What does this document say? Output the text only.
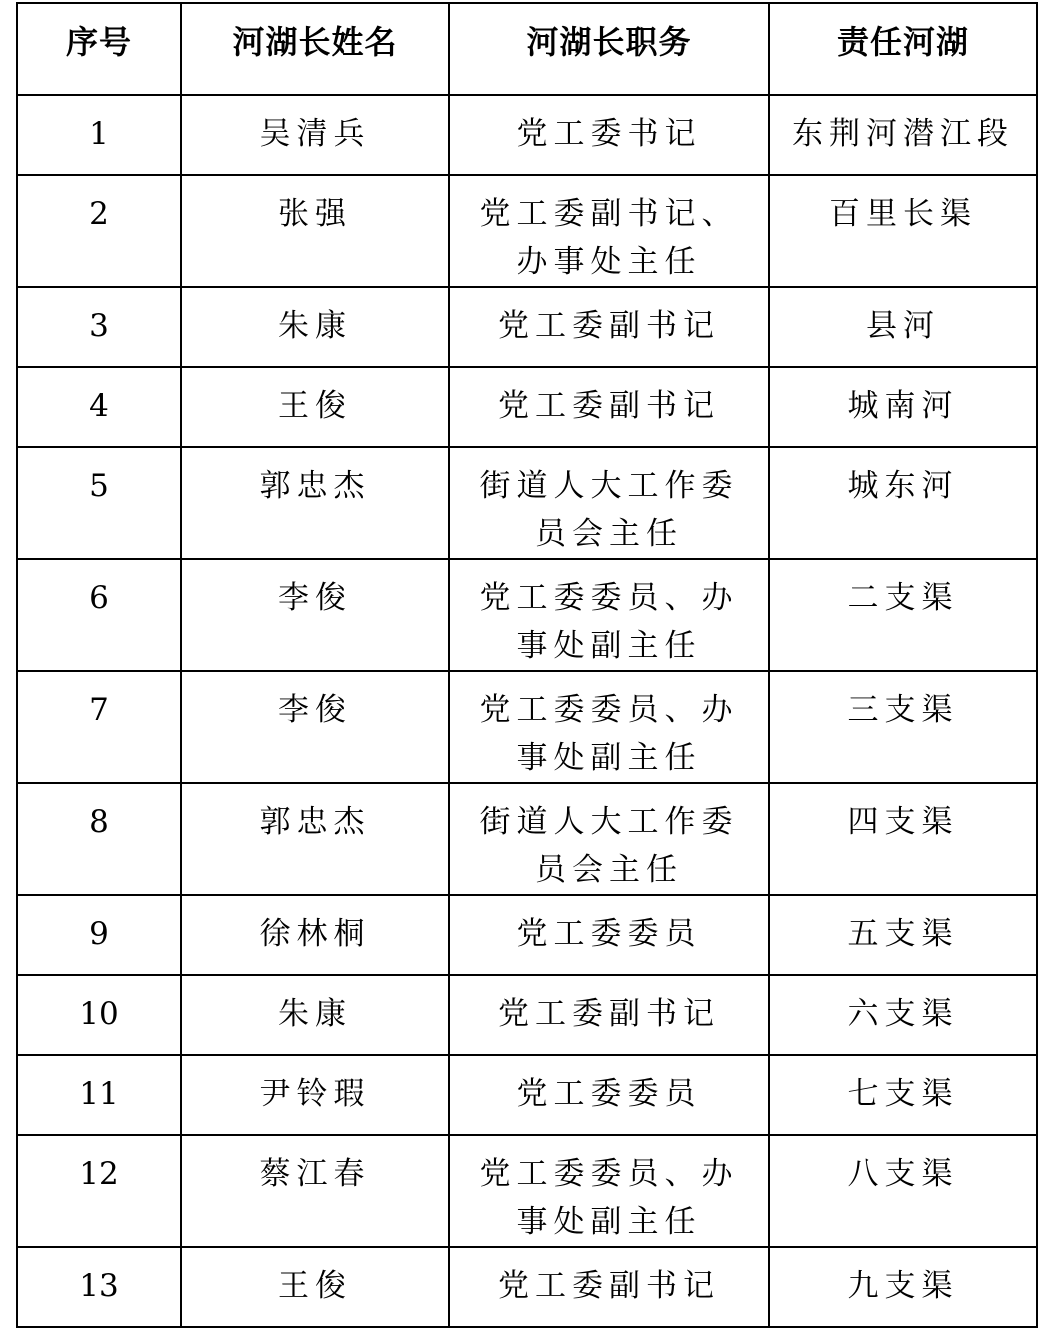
序号	河湖长姓名	河湖长职务	责任河湖
1	吴清兵	党工委书记	东荆河潜江段
2	张强	党工委副书记、办事处主任	百里长渠
3	朱康	党工委副书记	县河
4	王俊	党工委副书记	城南河
5	郭忠杰	街道人大工作委员会主任	城东河
6	李俊	党工委委员、办事处副主任	二支渠
7	李俊	党工委委员、办事处副主任	三支渠
8	郭忠杰	街道人大工作委员会主任	四支渠
9	徐林桐	党工委委员	五支渠
10	朱康	党工委副书记	六支渠
11	尹铃瑕	党工委委员	七支渠
12	蔡江春	党工委委员、办事处副主任	八支渠
13	王俊	党工委副书记	九支渠
